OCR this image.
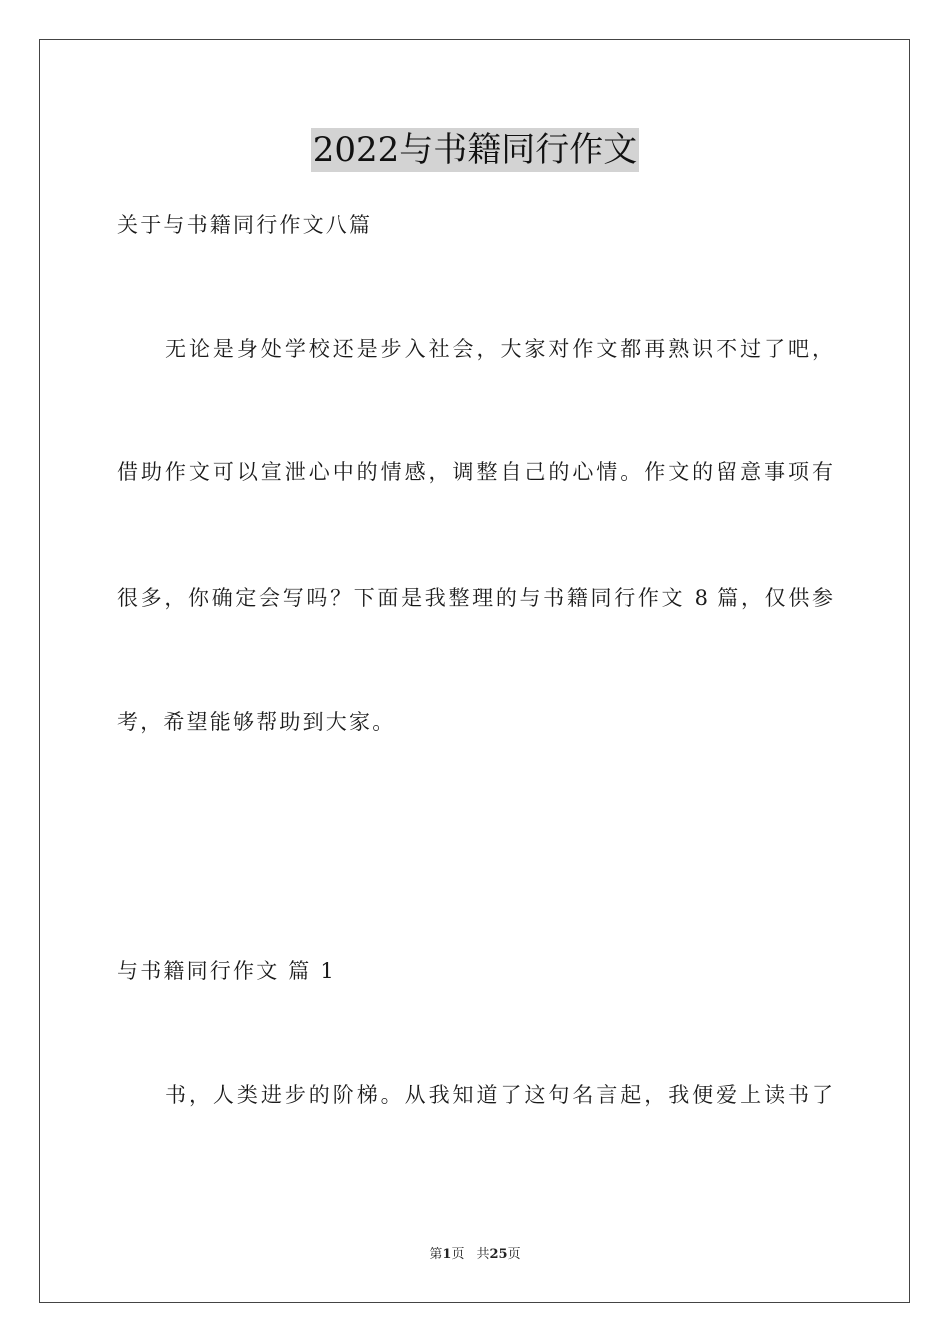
2022与书籍同行作文
关于与书籍同行作文八篇
无论是身处学校还是步入社会，大家对作文都再熟识不过了吧，
借助作文可以宣泄心中的情感，调整自己的心情。作文的留意事项有
很多，你确定会写吗？下面是我整理的与书籍同行作文 8 篇，仅供参
考，希望能够帮助到大家。
与书籍同行作文 篇 1
书，人类进步的阶梯。从我知道了这句名言起，我便爱上读书了
第1页 共25页
